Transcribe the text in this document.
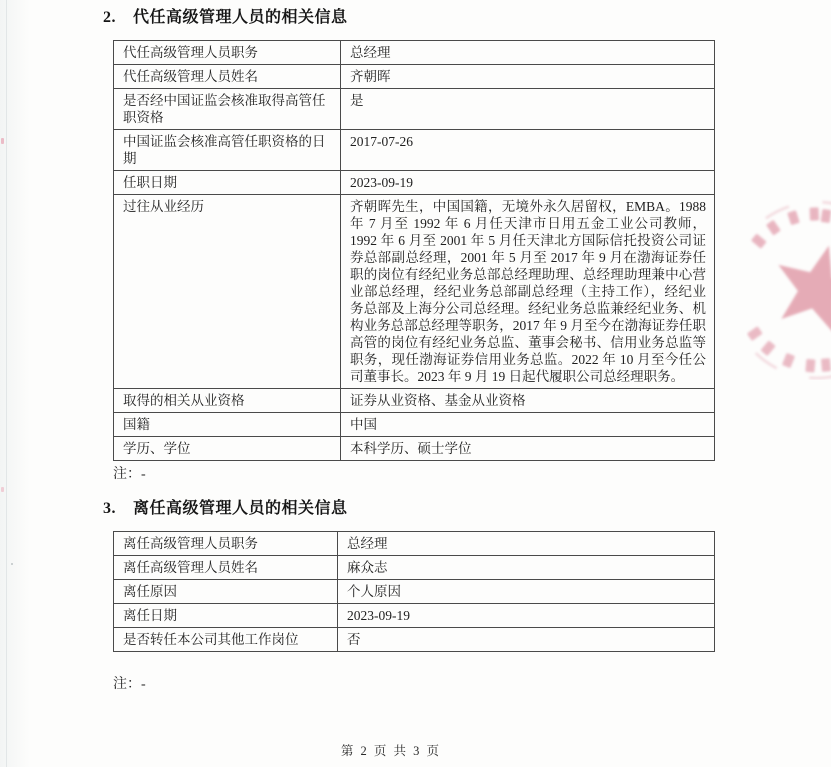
2. 代任高级管理人员的相关信息
代任高级管理人员职务	总经理
代任高级管理人员姓名	齐朝晖
是否经中国证监会核准取得高管任职资格	是
中国证监会核准高管任职资格的日期	2017-07-26
任职日期	2023-09-19
过往从业经历	齐朝晖先生，中国国籍，无境外永久居留权，EMBA。1988 年 7 月至 1992 年 6 月任天津市日用五金工业公司教师，1992 年 6 月至 2001 年 5 月任天津北方国际信托投资公司证券总部副总经理，2001 年 5 月至 2017 年 9 月在渤海证券任职的岗位有经纪业务总部总经理助理、总经理助理兼中心营业部总经理，经纪业务总部副总经理（主持工作），经纪业务总部及上海分公司总经理。经纪业务总监兼经纪业务、机构业务总部总经理等职务，2017 年 9 月至今在渤海证券任职高管的岗位有经纪业务总监、董事会秘书、信用业务总监等职务，现任渤海证券信用业务总监。2022 年 10 月至今任公司董事长。2023 年 9 月 19 日起代履职公司总经理职务。
取得的相关从业资格	证券从业资格、基金从业资格
国籍	中国
学历、学位	本科学历、硕士学位
注：-
3. 离任高级管理人员的相关信息
离任高级管理人员职务	总经理
离任高级管理人员姓名	麻众志
离任原因	个人原因
离任日期	2023-09-19
是否转任本公司其他工作岗位	否
注：-
第 2 页 共 3 页
